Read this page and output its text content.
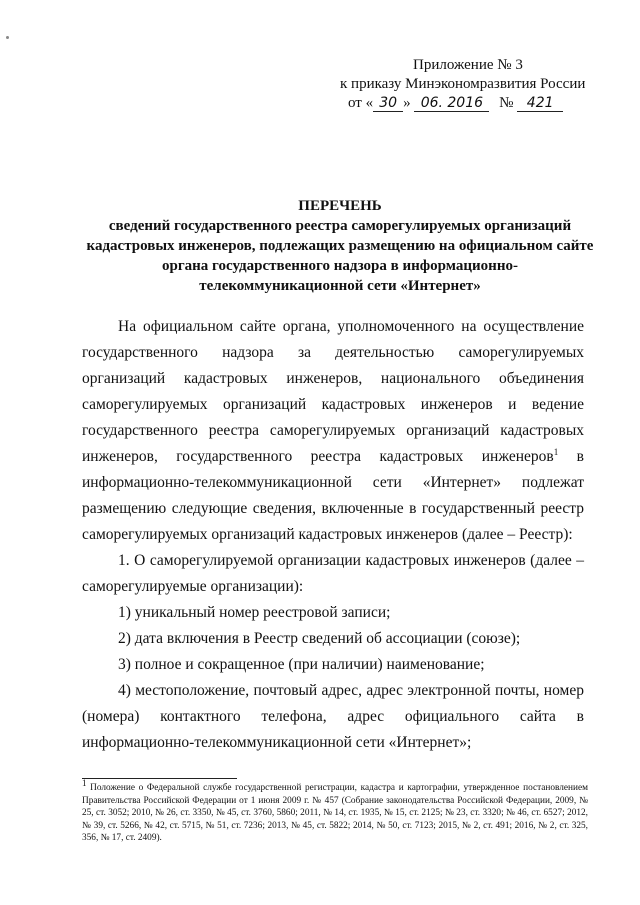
Приложение № 3
к приказу Минэкономразвития России
от « 30 » 06. 2016 № 421
ПЕРЕЧЕНЬ
сведений государственного реестра саморегулируемых организаций кадастровых инженеров, подлежащих размещению на официальном сайте органа государственного надзора в информационно-телекоммуникационной сети «Интернет»

На официальном сайте органа, уполномоченного на осуществление государственного надзора за деятельностью саморегулируемых организаций кадастровых инженеров, национального объединения саморегулируемых организаций кадастровых инженеров и ведение государственного реестра саморегулируемых организаций кадастровых инженеров, государственного реестра кадастровых инженеров$^1$ в информационно-телекоммуникационной сети «Интернет» подлежат размещению следующие сведения, включенные в государственный реестр саморегулируемых организаций кадастровых инженеров (далее – Реестр):

1. О саморегулируемой организации кадастровых инженеров (далее – саморегулируемые организации):

1) уникальный номер реестровой записи;

2) дата включения в Реестр сведений об ассоциации (союзе);

3) полное и сокращенное (при наличии) наименование;

4) местоположение, почтовый адрес, адрес электронной почты, номер (номера) контактного телефона, адрес официального сайта в информационно-телекоммуникационной сети «Интернет»;

$^1$ Положение о Федеральной службе государственной регистрации, кадастра и картографии, утвержденное постановлением Правительства Российской Федерации от 1 июня 2009 г. № 457 (Собрание законодательства Российской Федерации, 2009, № 25, ст. 3052; 2010, № 26, ст. 3350, № 45, ст. 3760, 5860; 2011, № 14, ст. 1935, № 15, ст. 2125; № 23, ст. 3320; № 46, ст. 6527; 2012, № 39, ст. 5266, № 42, ст. 5715, № 51, ст. 7236; 2013, № 45, ст. 5822; 2014, № 50, ст. 7123; 2015, № 2, ст. 491; 2016, № 2, ст. 325, 356, № 17, ст. 2409).
